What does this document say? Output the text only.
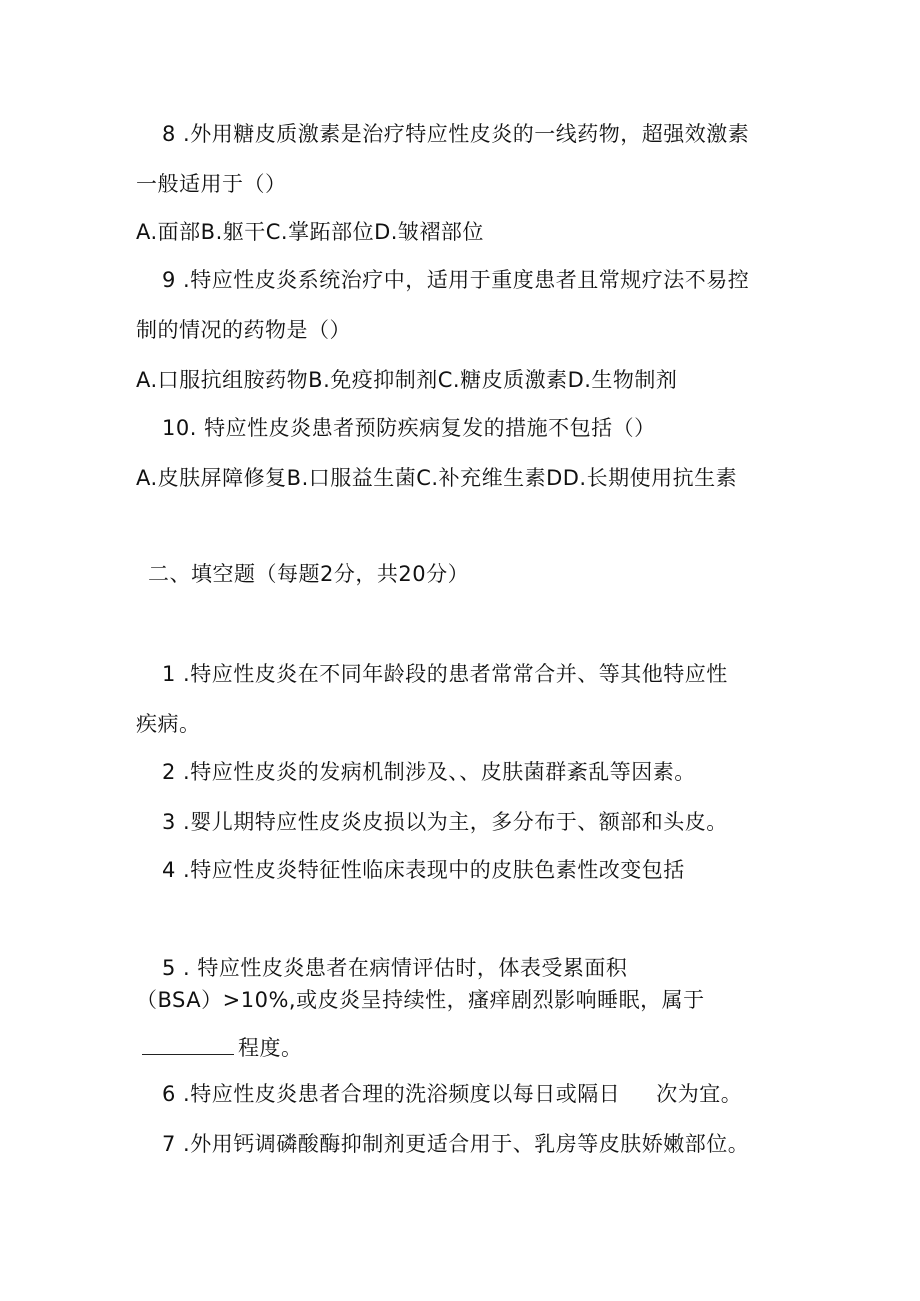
8 .外用糖皮质激素是治疗特应性皮炎的一线药物，超强效激素
一般适用于（）
A.面部B.躯干C.掌跖部位D.皱褶部位
9 .特应性皮炎系统治疗中，适用于重度患者且常规疗法不易控
制的情况的药物是（）
A.口服抗组胺药物B.免疫抑制剂C.糖皮质激素D.生物制剂
10. 特应性皮炎患者预防疾病复发的措施不包括（）
A.皮肤屏障修复B.口服益生菌C.补充维生素DD.长期使用抗生素
二、填空题（每题2分，共20分）
1 .特应性皮炎在不同年龄段的患者常常合并、等其他特应性
疾病。
2 .特应性皮炎的发病机制涉及、、皮肤菌群紊乱等因素。
3 .婴儿期特应性皮炎皮损以为主，多分布于、额部和头皮。
4 .特应性皮炎特征性临床表现中的皮肤色素性改变包括
5 . 特应性皮炎患者在病情评估时，体表受累面积
（BSA）>10%,或皮炎呈持续性，瘙痒剧烈影响睡眠，属于
程度。
6 .特应性皮炎患者合理的洗浴频度以每日或隔日 次为宜。
7 .外用钙调磷酸酶抑制剂更适合用于、乳房等皮肤娇嫩部位。
